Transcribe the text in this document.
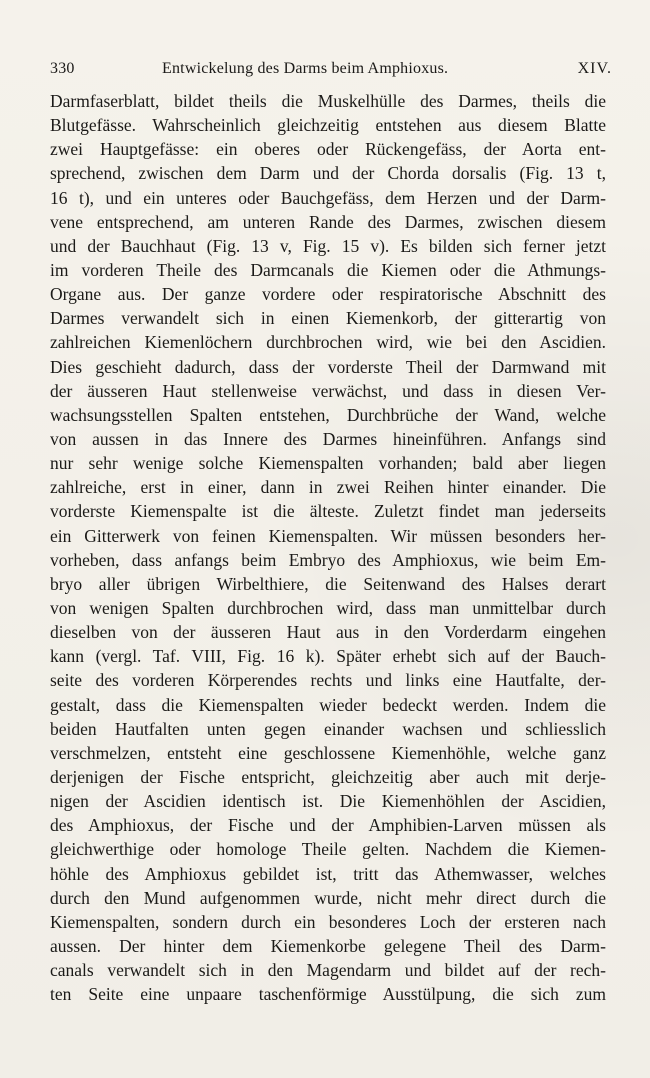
330	Entwickelung des Darms beim Amphioxus.	XIV.
Darmfaserblatt, bildet theils die Muskelhülle des Darmes, theils die
Blutgefässe. Wahrscheinlich gleichzeitig entstehen aus diesem Blatte
zwei Hauptgefässe: ein oberes oder Rückengefäss, der Aorta ent-
sprechend, zwischen dem Darm und der Chorda dorsalis (Fig. 13 t,
16 t), und ein unteres oder Bauchgefäss, dem Herzen und der Darm-
vene entsprechend, am unteren Rande des Darmes, zwischen diesem
und der Bauchhaut (Fig. 13 v, Fig. 15 v). Es bilden sich ferner jetzt
im vorderen Theile des Darmcanals die Kiemen oder die Athmungs-
Organe aus. Der ganze vordere oder respiratorische Abschnitt des
Darmes verwandelt sich in einen Kiemenkorb, der gitterartig von
zahlreichen Kiemenlöchern durchbrochen wird, wie bei den Ascidien.
Dies geschieht dadurch, dass der vorderste Theil der Darmwand mit
der äusseren Haut stellenweise verwächst, und dass in diesen Ver-
wachsungsstellen Spalten entstehen, Durchbrüche der Wand, welche
von aussen in das Innere des Darmes hineinführen. Anfangs sind
nur sehr wenige solche Kiemenspalten vorhanden; bald aber liegen
zahlreiche, erst in einer, dann in zwei Reihen hinter einander. Die
vorderste Kiemenspalte ist die älteste. Zuletzt findet man jederseits
ein Gitterwerk von feinen Kiemenspalten. Wir müssen besonders her-
vorheben, dass anfangs beim Embryo des Amphioxus, wie beim Em-
bryo aller übrigen Wirbelthiere, die Seitenwand des Halses derart
von wenigen Spalten durchbrochen wird, dass man unmittelbar durch
dieselben von der äusseren Haut aus in den Vorderdarm eingehen
kann (vergl. Taf. VIII, Fig. 16 k). Später erhebt sich auf der Bauch-
seite des vorderen Körperendes rechts und links eine Hautfalte, der-
gestalt, dass die Kiemenspalten wieder bedeckt werden. Indem die
beiden Hautfalten unten gegen einander wachsen und schliesslich
verschmelzen, entsteht eine geschlossene Kiemenhöhle, welche ganz
derjenigen der Fische entspricht, gleichzeitig aber auch mit derje-
nigen der Ascidien identisch ist. Die Kiemenhöhlen der Ascidien,
des Amphioxus, der Fische und der Amphibien-Larven müssen als
gleichwerthige oder homologe Theile gelten. Nachdem die Kiemen-
höhle des Amphioxus gebildet ist, tritt das Athemwasser, welches
durch den Mund aufgenommen wurde, nicht mehr direct durch die
Kiemenspalten, sondern durch ein besonderes Loch der ersteren nach
aussen. Der hinter dem Kiemenkorbe gelegene Theil des Darm-
canals verwandelt sich in den Magendarm und bildet auf der rech-
ten Seite eine unpaare taschenförmige Ausstülpung, die sich zum
